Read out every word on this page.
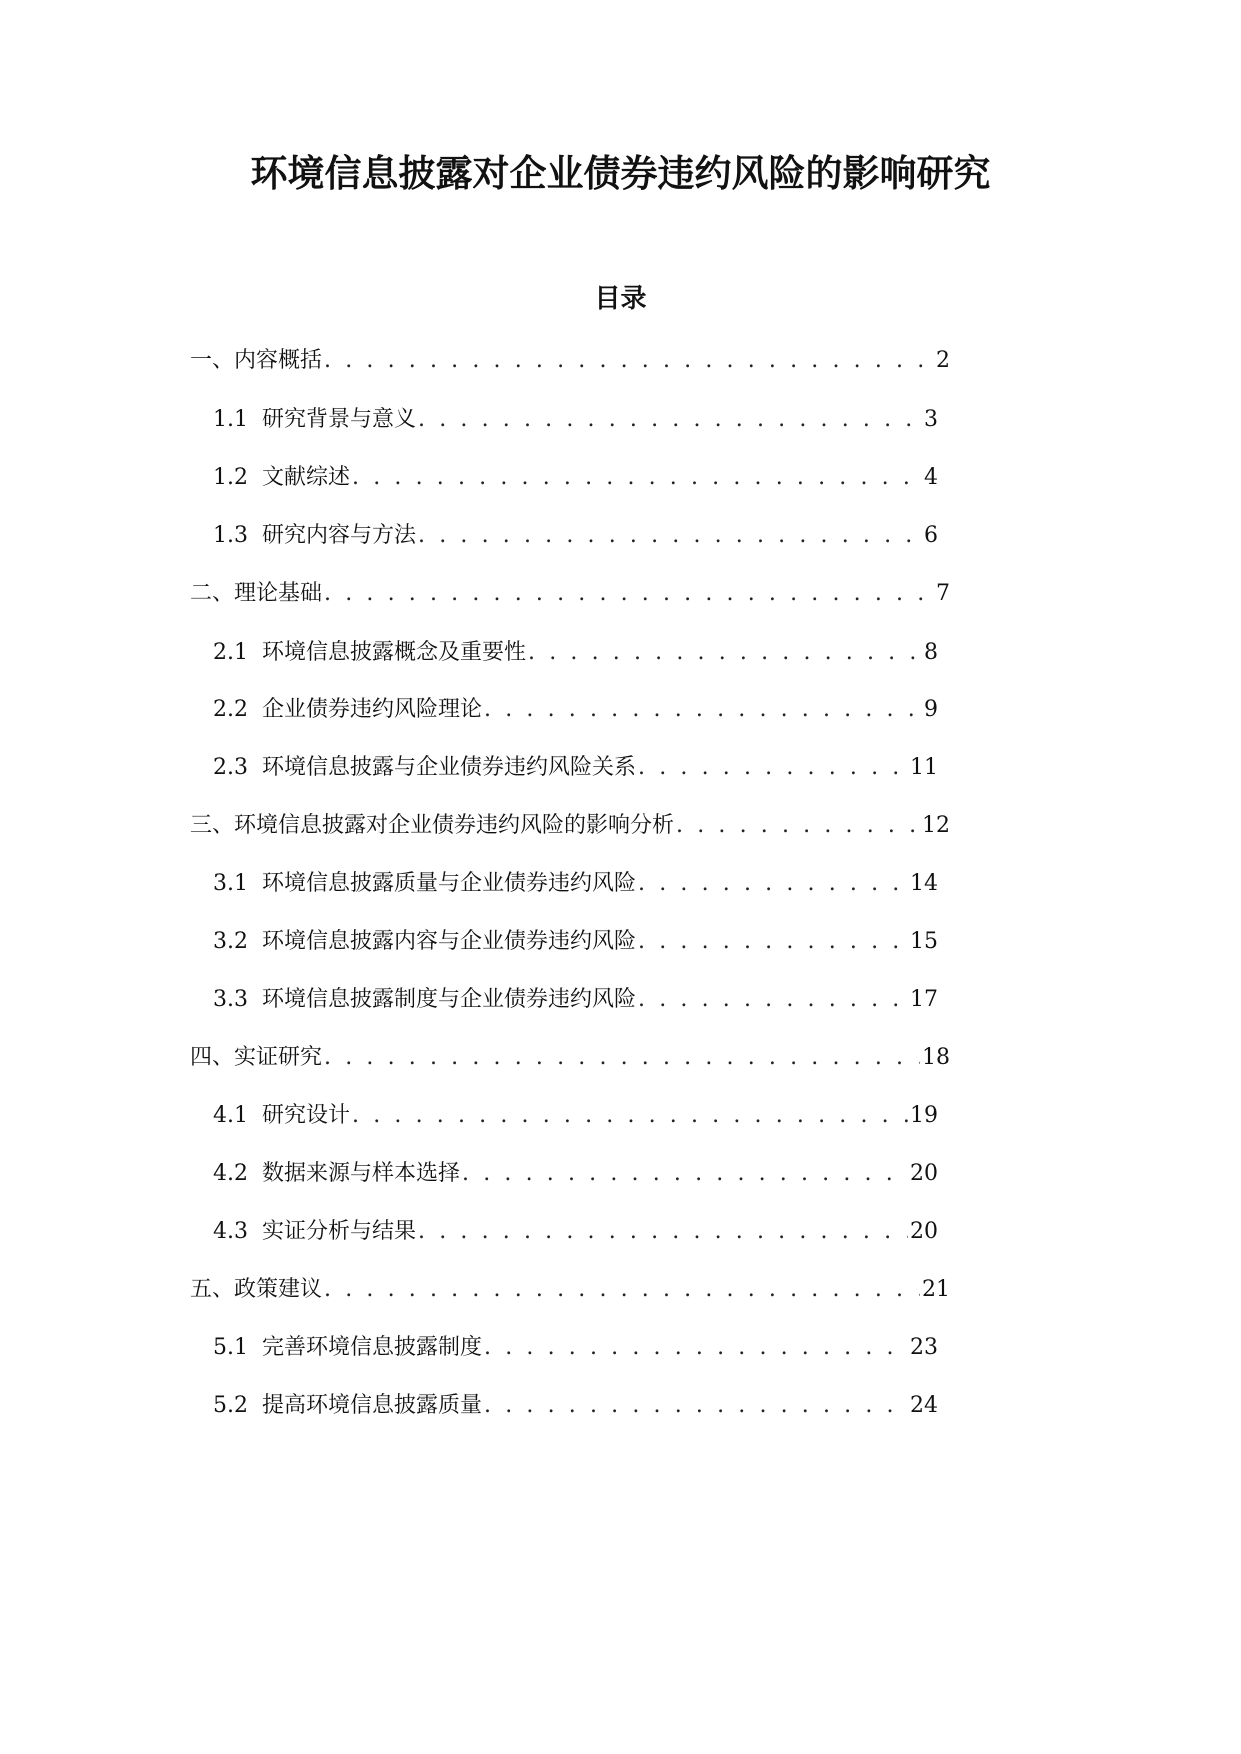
环境信息披露对企业债券违约风险的影响研究
目录
一、内容概括 . . .	2
1.1 研究背景与意义 . . .	3
1.2 文献综述 . . .	4
1.3 研究内容与方法 . . .	6
二、理论基础 . . .	7
2.1 环境信息披露概念及重要性 . . .	8
2.2 企业债券违约风险理论 . . .	9
2.3 环境信息披露与企业债券违约风险关系 . . .	11
三、环境信息披露对企业债券违约风险的影响分析 . . .	12
3.1 环境信息披露质量与企业债券违约风险 . . .	14
3.2 环境信息披露内容与企业债券违约风险 . . .	15
3.3 环境信息披露制度与企业债券违约风险 . . .	17
四、实证研究 . . .	18
4.1 研究设计 . . .	19
4.2 数据来源与样本选择 . . .	20
4.3 实证分析与结果 . . .	20
五、政策建议 . . .	21
5.1 完善环境信息披露制度 . . .	23
5.2 提高环境信息披露质量 . . .	24
